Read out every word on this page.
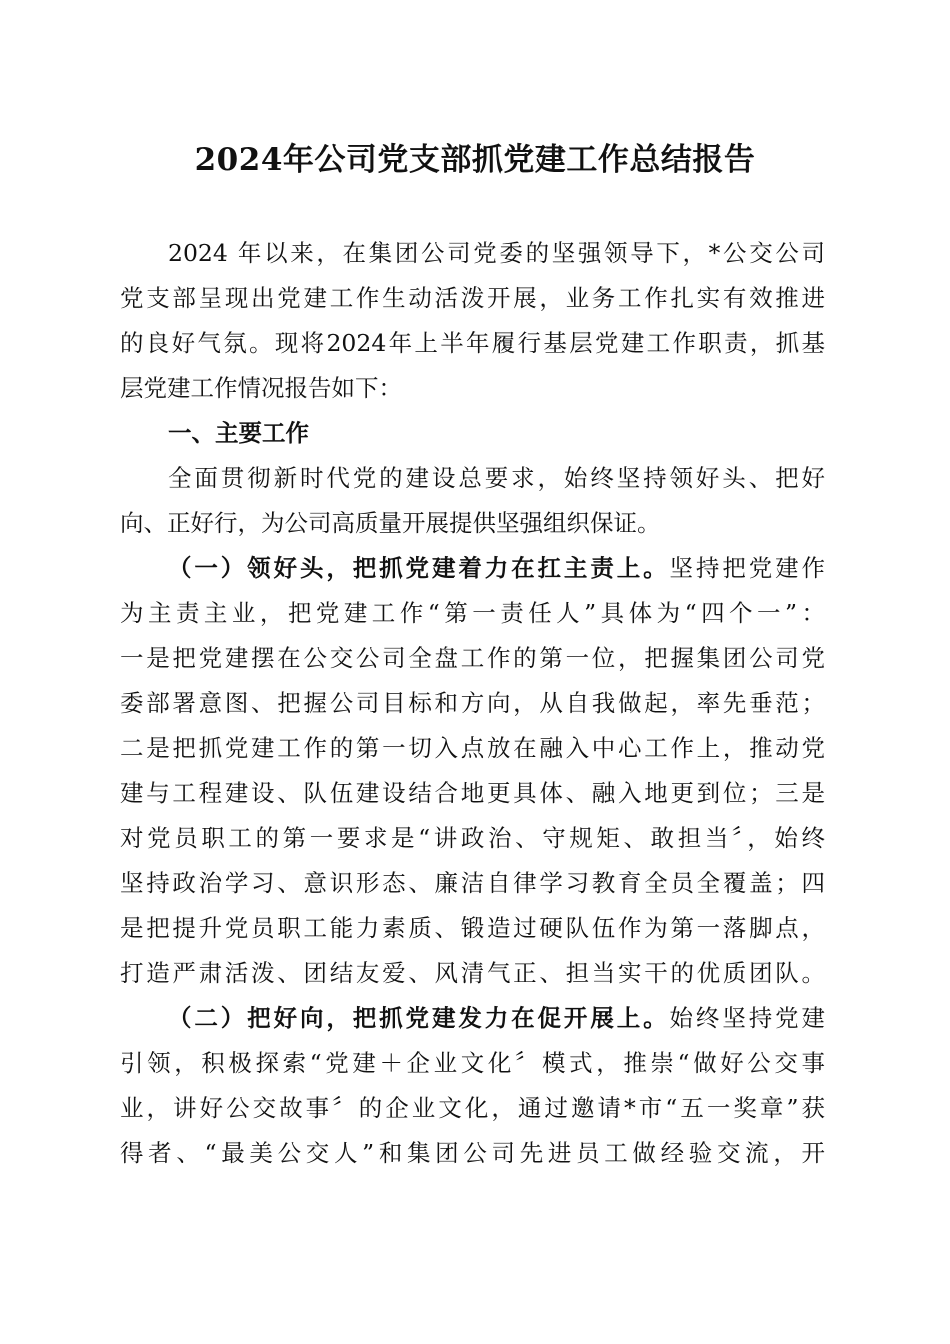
2024年公司党支部抓党建工作总结报告
2024 年以来，在集团公司党委的坚强领导下，*公交公司
党支部呈现出党建工作生动活泼开展，业务工作扎实有效推进
的良好气氛。现将2024年上半年履行基层党建工作职责，抓基
层党建工作情况报告如下：
一、主要工作
全面贯彻新时代党的建设总要求，始终坚持领好头、把好
向、正好行，为公司高质量开展提供坚强组织保证。
（一）领好头，把抓党建着力在扛主责上。坚持把党建作
为主责主业，把党建工作“第一责任人”具体为“四个一”：
一是把党建摆在公交公司全盘工作的第一位，把握集团公司党
委部署意图、把握公司目标和方向，从自我做起，率先垂范；
二是把抓党建工作的第一切入点放在融入中心工作上，推动党
建与工程建设、队伍建设结合地更具体、融入地更到位；三是
对党员职工的第一要求是“讲政治、守规矩、敢担当〞，始终
坚持政治学习、意识形态、廉洁自律学习教育全员全覆盖；四
是把提升党员职工能力素质、锻造过硬队伍作为第一落脚点，
打造严肃活泼、团结友爱、风清气正、担当实干的优质团队。
（二）把好向，把抓党建发力在促开展上。始终坚持党建
引领，积极探索“党建＋企业文化〞模式，推崇“做好公交事
业，讲好公交故事〞的企业文化，通过邀请*市“五一奖章”获
得者、“最美公交人”和集团公司先进员工做经验交流，开
